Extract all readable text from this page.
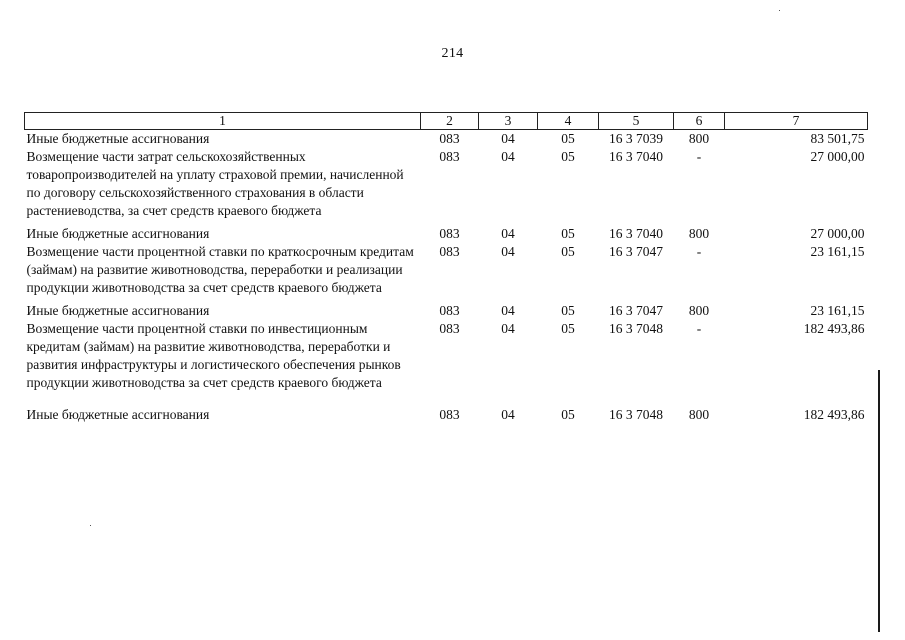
214
1	2	3	4	5	6	7
Иные бюджетные ассигнования	083	04	05	16 3 7039	800	83 501,75
Возмещение части затрат сельскохозяйственных товаропроизводителей на уплату страховой премии, начисленной по договору сельскохозяйственного страхования в области растениеводства, за счет средств краевого бюджета	083	04	05	16 3 7040	-	27 000,00
Иные бюджетные ассигнования	083	04	05	16 3 7040	800	27 000,00
Возмещение части процентной ставки по краткосрочным кредитам (займам) на развитие животноводства, переработки и реализации продукции животноводства за счет средств краевого бюджета	083	04	05	16 3 7047	-	23 161,15
Иные бюджетные ассигнования	083	04	05	16 3 7047	800	23 161,15
Возмещение части процентной ставки по инвестиционным кредитам (займам) на развитие животноводства, переработки и развития инфраструктуры и логистического обеспечения рынков продукции животноводства за счет средств краевого бюджета	083	04	05	16 3 7048	-	182 493,86
Иные бюджетные ассигнования	083	04	05	16 3 7048	800	182 493,86
